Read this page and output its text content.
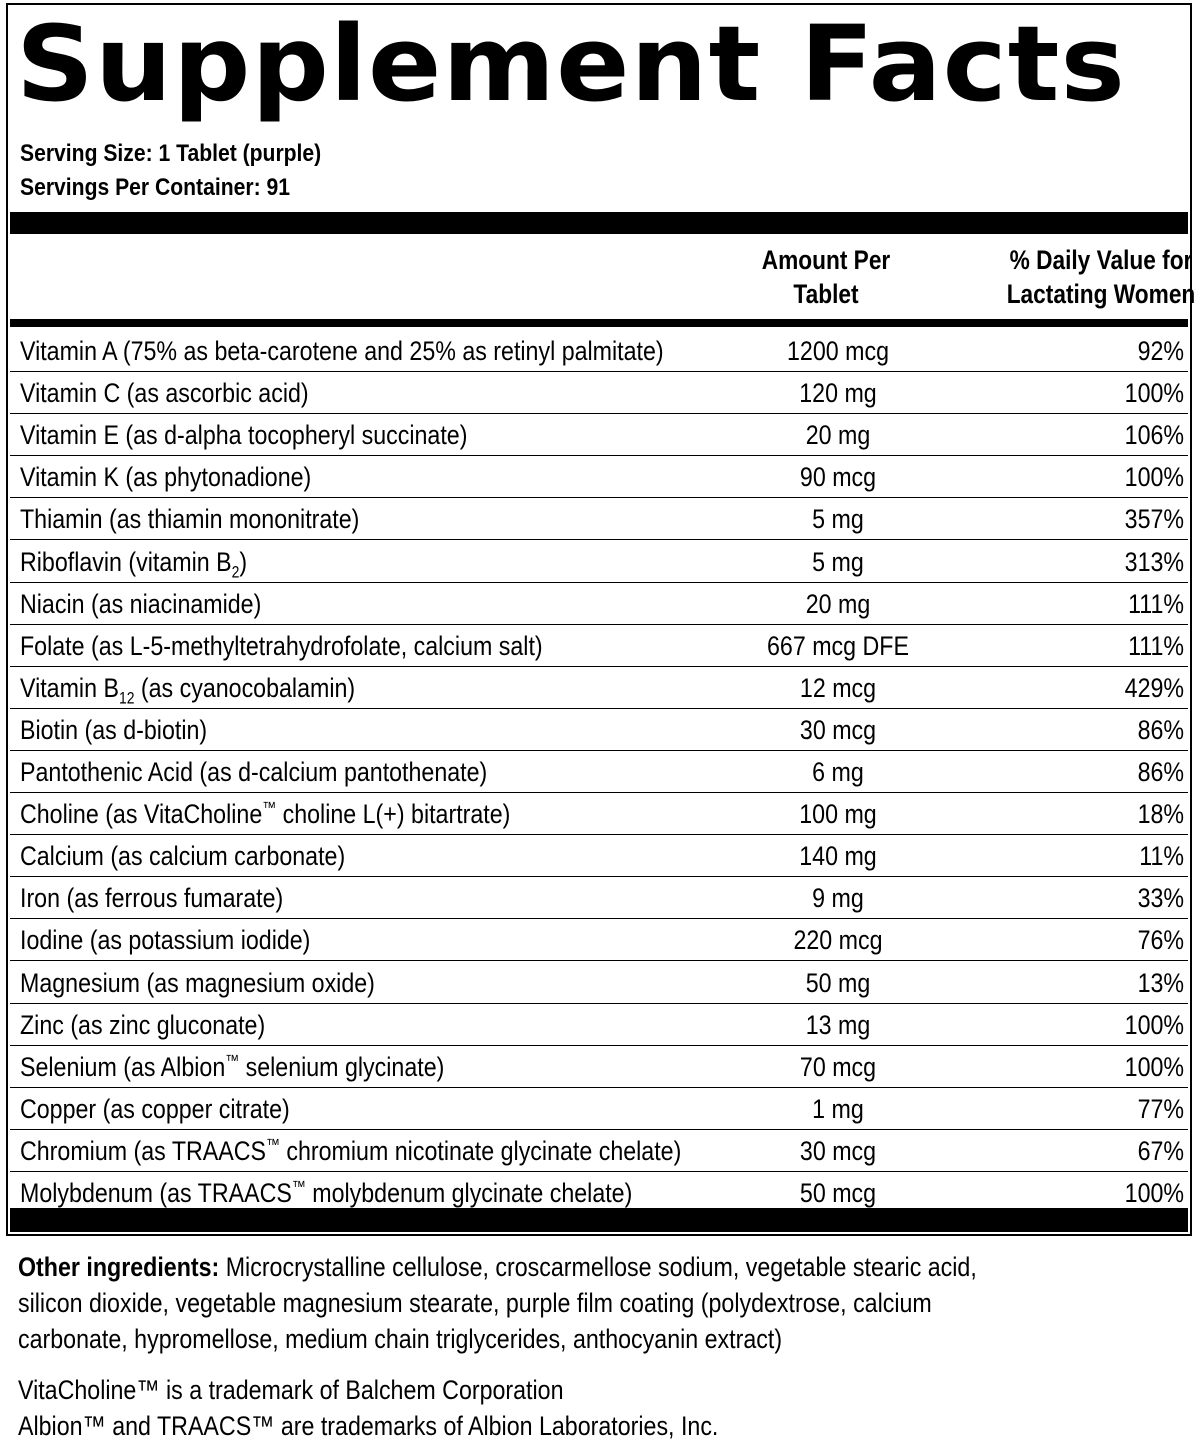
Supplement Facts
Serving Size: 1 Tablet (purple)
Servings Per Container: 91
Amount Per
Tablet
% Daily Value for
Lactating Women
Vitamin A (75% as beta-carotene and 25% as retinyl palmitate)	1200 mcg	92%
Vitamin C (as ascorbic acid)	120 mg	100%
Vitamin E (as d-alpha tocopheryl succinate)	20 mg	106%
Vitamin K (as phytonadione)	90 mcg	100%
Thiamin (as thiamin mononitrate)	5 mg	357%
Riboflavin (vitamin $B_2$)	5 mg	313%
Niacin (as niacinamide)	20 mg	111%
Folate (as L-5-methyltetrahydrofolate, calcium salt)	667 mcg DFE	111%
Vitamin $B_{12}$ (as cyanocobalamin)	12 mcg	429%
Biotin (as d-biotin)	30 mcg	86%
Pantothenic Acid (as d-calcium pantothenate)	6 mg	86%
Choline (as VitaCholine™ choline L(+) bitartrate)	100 mg	18%
Calcium (as calcium carbonate)	140 mg	11%
Iron (as ferrous fumarate)	9 mg	33%
Iodine (as potassium iodide)	220 mcg	76%
Magnesium (as magnesium oxide)	50 mg	13%
Zinc (as zinc gluconate)	13 mg	100%
Selenium (as Albion™ selenium glycinate)	70 mcg	100%
Copper (as copper citrate)	1 mg	77%
Chromium (as TRAACS™ chromium nicotinate glycinate chelate)	30 mcg	67%
Molybdenum (as TRAACS™ molybdenum glycinate chelate)	50 mcg	100%

Other ingredients: Microcrystalline cellulose, croscarmellose sodium, vegetable stearic acid, silicon dioxide, vegetable magnesium stearate, purple film coating (polydextrose, calcium carbonate, hypromellose, medium chain triglycerides, anthocyanin extract)

VitaCholine™ is a trademark of Balchem Corporation

Albion™ and TRAACS™ are trademarks of Albion Laboratories, Inc.
